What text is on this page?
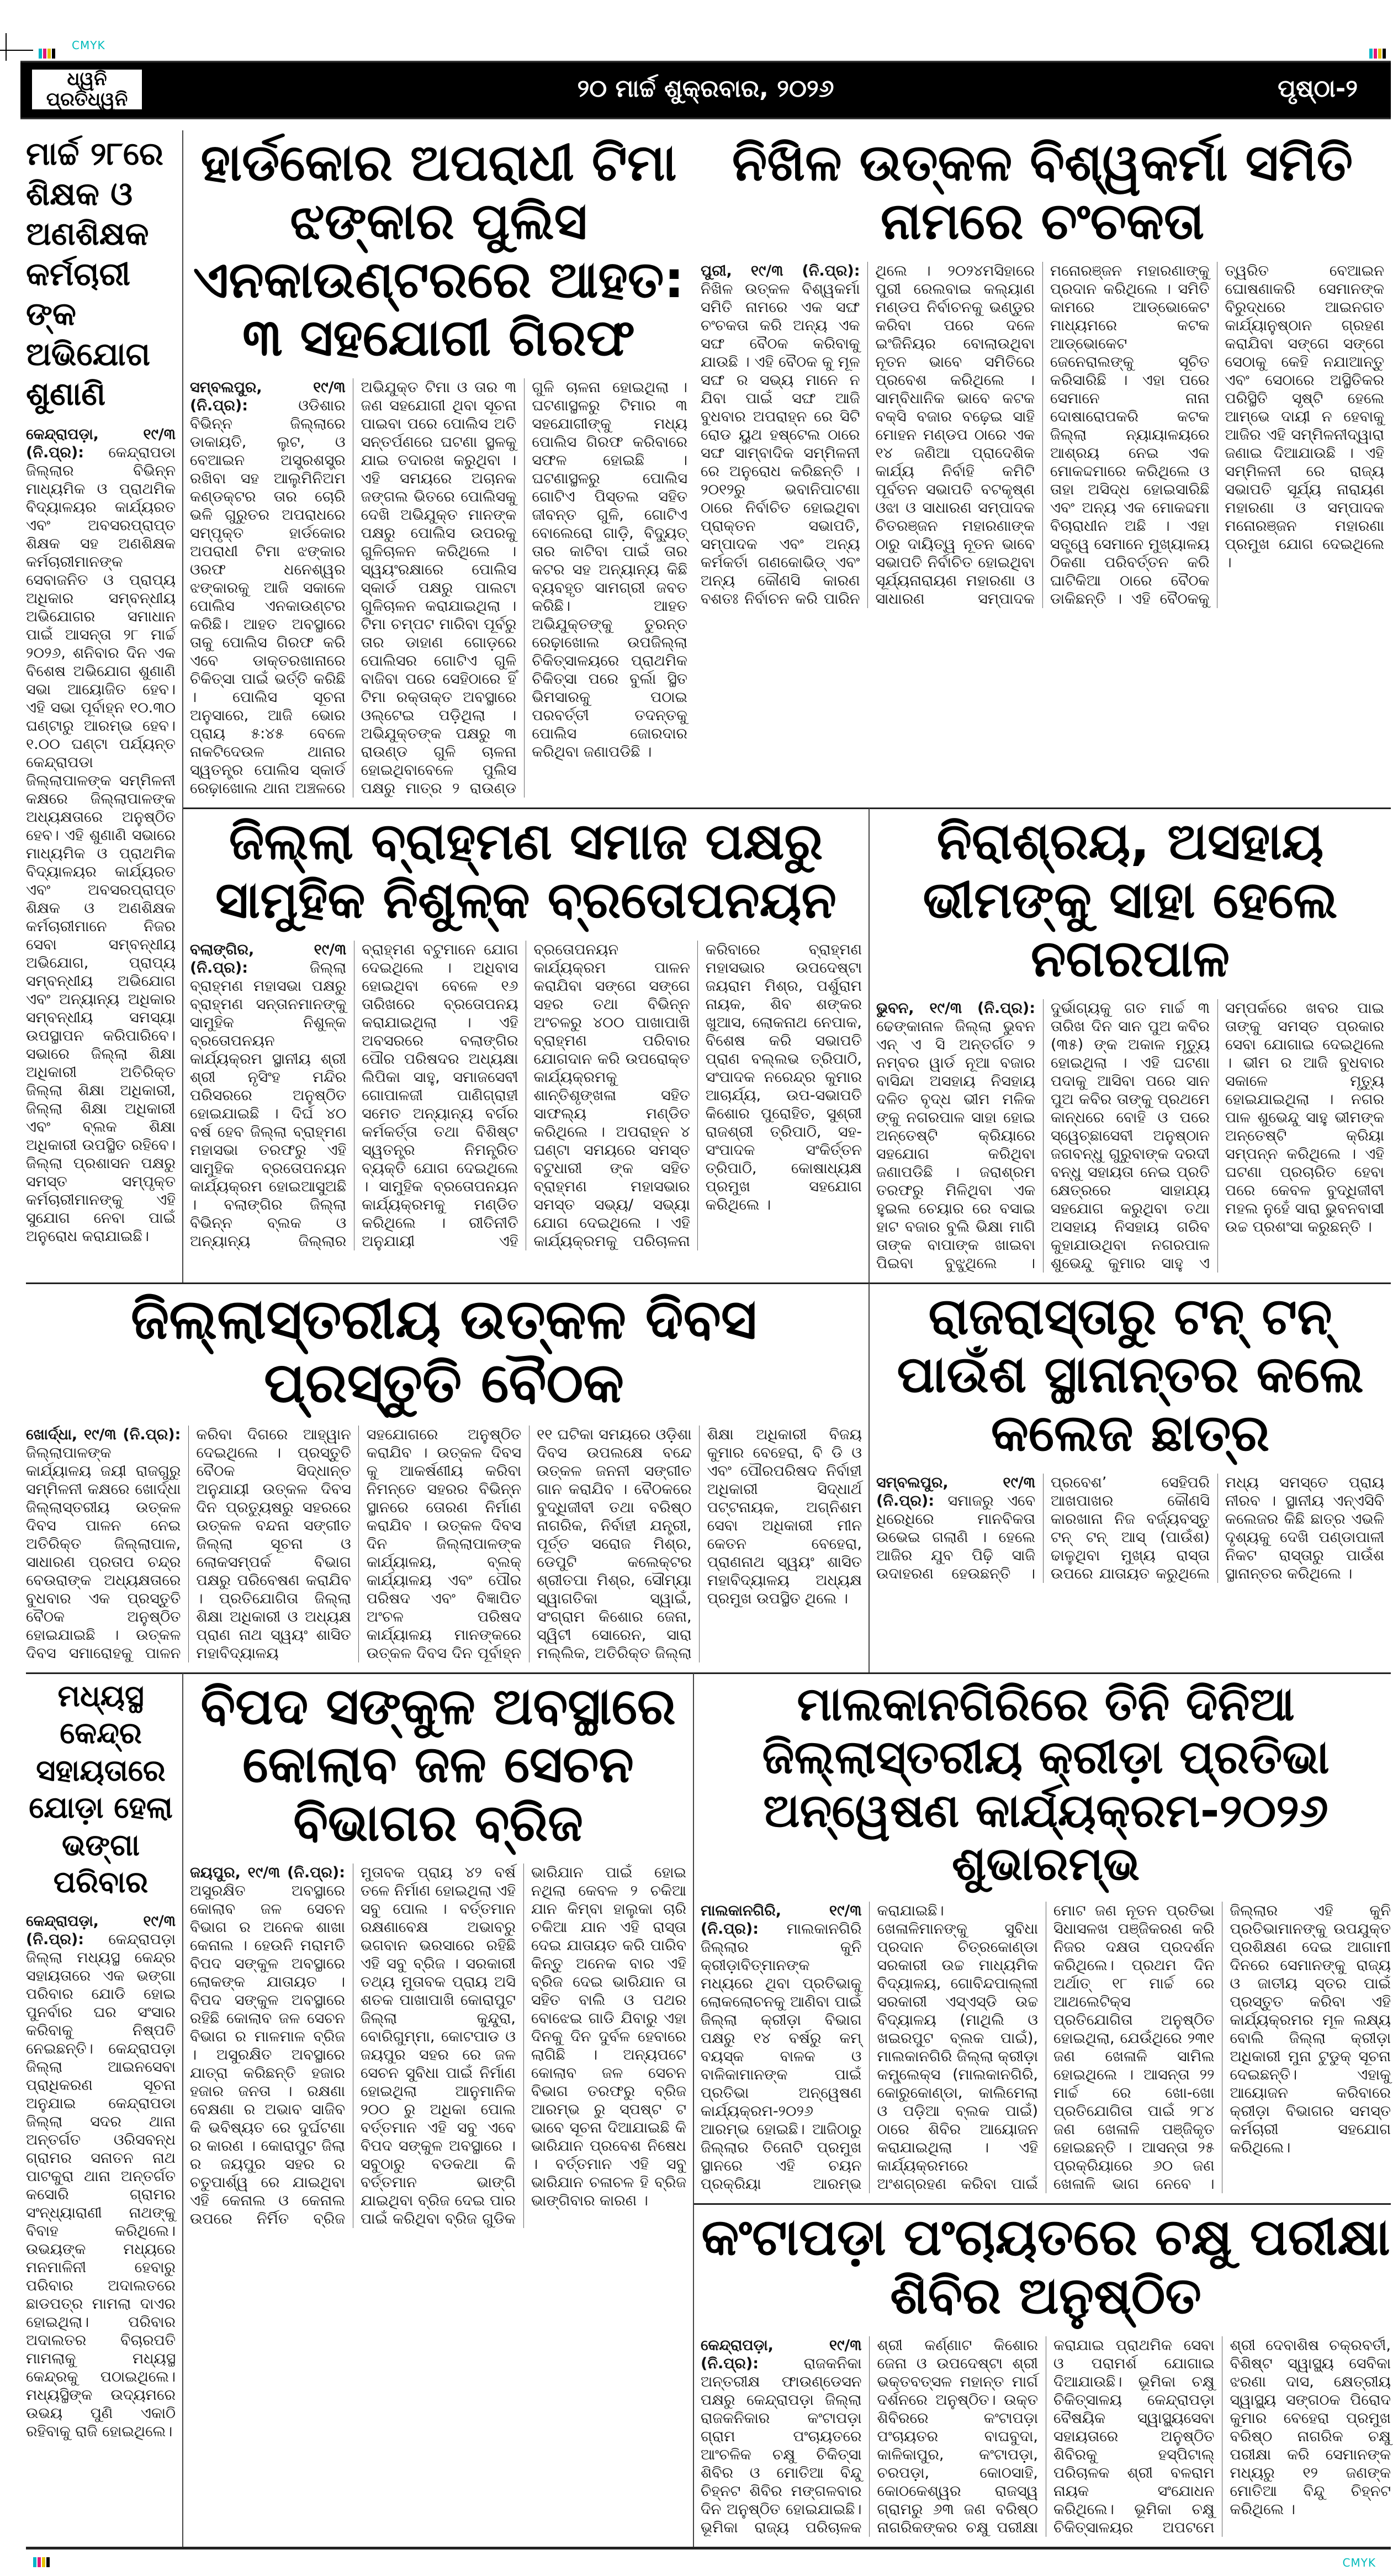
CMYK
ଧ୍ୱନି ପ୍ରତିଧ୍ୱନି	୨୦ ମାର୍ଚ୍ଚ ଶୁକ୍ରବାର, ୨୦୨୬	ପୃଷ୍ଠା-୨
ମାର୍ଚ୍ଚ ୨୮ରେ ଶିକ୍ଷକ ଓ ଅଣଶିକ୍ଷକ କର୍ମଚାରୀଙ୍କ ଅଭିଯୋଗ ଶୁଣାଣି

କେନ୍ଦ୍ରାପଡ଼ା, ୧୯/୩ (ନି.ପ୍ର): କେନ୍ଦ୍ରାପଡା ଜିଲ୍ଲାର ବିଭିନ୍ନ ମାଧ୍ୟମିକ ଓ ପ୍ରାଥମିକ ବିଦ୍ୟାଳୟର କାର୍ଯ୍ୟରତ ଏବଂ ଅବସରପ୍ରାପ୍ତ ଶିକ୍ଷକ ସହ ଅଣଶିକ୍ଷକ କର୍ମଚାରୀମାନଙ୍କ ସେବାଜନିତ ଓ ପ୍ରାପ୍ୟ ଅଧିକାର ସମ୍ବନ୍ଧୀୟ ଅଭିଯୋଗର ସମାଧାନ ପାଇଁ ଆସନ୍ତା ୨୮ ମାର୍ଚ୍ଚ ୨୦୨୬, ଶନିବାର ଦିନ ଏକ ବିଶେଷ ଅଭିଯୋଗ ଶୁଣାଣି ସଭା ଆୟୋଜିତ ହେବ। ଏହି ସଭା ପୂର୍ବାହ୍ନ ୧୦.୩୦ ଘଣ୍ଟାରୁ ଆରମ୍ଭ ହେବ। ୧.୦୦ ଘଣ୍ଟା ପର୍ଯ୍ୟନ୍ତ କେନ୍ଦ୍ରାପଡା ଜିଲ୍ଲାପାଳଙ୍କ ସମ୍ମିଳନୀ କକ୍ଷରେ ଜିଲ୍ଲାପାଳଙ୍କ ଅଧ୍ୟକ୍ଷତାରେ ଅନୁଷ୍ଠିତ ହେବ। ଏହି ଶୁଣାଣି ସଭାରେ ମାଧ୍ୟମିକ ଓ ପ୍ରାଥମିକ ବିଦ୍ୟାଳୟର କାର୍ଯ୍ୟରତ ଏବଂ ଅବସରପ୍ରାପ୍ତ ଶିକ୍ଷକ ଓ ଅଣଶିକ୍ଷକ କର୍ମଚାରୀମାନେ ନିଜର ସେବା ସମ୍ବନ୍ଧୀୟ ଅଭିଯୋଗ, ପ୍ରାପ୍ୟ ସମ୍ବନ୍ଧୀୟ ଅଭିଯୋଗ ଏବଂ ଅନ୍ୟାନ୍ୟ ଅଧିକାର ସମ୍ବନ୍ଧୀୟ ସମସ୍ୟା ଉପସ୍ଥାପନ କରିପାରିବେ। ସଭାରେ ଜିଲ୍ଲା ଶିକ୍ଷା ଅଧିକାରୀ ଅତିରିକ୍ତ ଜିଲ୍ଲା ଶିକ୍ଷା ଅଧିକାରୀ, ଜିଲ୍ଲା ଶିକ୍ଷା ଅଧିକାରୀ ଏବଂ ବ୍ଲକ ଶିକ୍ଷା ଅଧିକାରୀ ଉପସ୍ଥିତ ରହିବେ। ଜିଲ୍ଲା ପ୍ରଶାସନ ପକ୍ଷରୁ ସମସ୍ତ ସମ୍ପୃକ୍ତ କର୍ମଚାରୀମାନଙ୍କୁ ଏହି ସୁଯୋଗ ନେବା ପାଇଁ ଅନୁରୋଧ କରାଯାଇଛି।

ହାର୍ଡକୋର ଅପରାଧୀ ଟିମା ଝଙ୍କାର ପୁଲିସ ଏନକାଉଣ୍ଟରରେ ଆହତ: ୩ ସହଯୋଗୀ ଗିରଫ

ସମ୍ବଲପୁର, ୧୯/୩ (ନି.ପ୍ର):	ଓଡିଶାର ବିଭିନ୍ନ ଜିଲ୍ଲାରେ ଡାକାୟତି, ଲୁଟ, ଓ ବେଆଇନ ଅସ୍ତ୍ରଶସ୍ତ୍ର ରଖିବା ସହ ଆଲୁମିନିଅମ କଣ୍ଡକ୍ଟର ତାର ଚୋରି ଭଳି ଗୁରୁତର ଅପରାଧରେ ସମ୍ପୃକ୍ତ ହାର୍ଡକୋର ଅପରାଧୀ ଟିମା ଝଙ୍କାର ଓରଫ ଧନେଶ୍ୱର ଝଙ୍କାରକୁ ଆଜି ସକାଳେ ପୋଲିସ ଏନକାଉଣ୍ଟର କରିଛି। ଆହତ ଅବସ୍ଥାରେ ତାକୁ ପୋଲିସ ଗିରଫ କରି ଏବେ ଡାକ୍ତରଖାନାରେ ଚିକିତ୍ସା ପାଇଁ ଭର୍ତ୍ତି କରିଛି । ପୋଲିସ ସୂଚନା ଅନୁସାରେ, ଆଜି ଭୋର ପ୍ରାୟ ୫:୪୫ ବେଳେ ନାକଟିଦେଉଳ ଥାନାର ସ୍ୱତନ୍ତ୍ର ପୋଲିସ ସ୍କାର୍ଡ ରେଢ଼ାଖୋଲ ଥାନା ଅଞ୍ଚଳରେ ଅଭିଯୁକ୍ତ ଟିମା ଓ ତାର ୩ ଜଣ ସହଯୋଗୀ ଥିବା ସୂଚନା ପାଇବା ପରେ ପୋଲିସ ଅତି ସନ୍ତର୍ପଣରେ ଘଟଣା ସ୍ଥଳକୁ ଯାଇ ତଦାରଖ କରୁଥିବା । ଏହି ସମୟରେ ଅଚାନକ ଜଙ୍ଗଲ ଭିତରେ ପୋଲିସକୁ ଦେଖି ଅଭିଯୁକ୍ତ ମାନଙ୍କ ପକ୍ଷରୁ ପୋଲିସ ଉପରକୁ ଗୁଳିଚାଳନ କରିଥିଲେ । ସ୍ୱୟଂରକ୍ଷାରେ ପୋଲିସ ସ୍କାର୍ଡ ପକ୍ଷରୁ ପାଲଟା ଗୁଳିଚାଳନ କରାଯାଇଥିଲା । ଟିମା ଚମ୍ପଟ ମାରିବା ପୂର୍ବରୁ ତାର ଡାହାଣ ଗୋଡ଼ରେ ପୋଲିସର ଗୋଟିଏ ଗୁଳି ବାଜିବା ପରେ ସେହିଠାରେ ହିଁ ଟିମା ରକ୍ତାକ୍ତ ଅବସ୍ଥାରେ ଓଲ୍ଟେଇ ପଡ଼ିଥିଲା । ଅଭିଯୁକ୍ତଙ୍କ ପକ୍ଷରୁ ୩ ରାଉଣ୍ଡ ଗୁଳି ଚାଳନା ହୋଇଥିବାବେଳେ ପୁଲିସ ପକ୍ଷରୁ ମାତ୍ର ୨ ରାଉଣ୍ଡ ଗୁଳି ଚାଳନା ହୋଇଥିଲା । ଘଟଣାସ୍ଥଳରୁ ଟିମାର ୩ ସହଯୋଗୀଙ୍କୁ ମଧ୍ୟ ପୋଲିସ ଗିରଫ କରିବାରେ ସଫଳ ହୋଇଛି । ଘଟଣାସ୍ଥଳରୁ ପୋଲିସ ଗୋଟିଏ ପିସ୍ତଲ ସହିତ ଜୀବନ୍ତ ଗୁଳି, ଗୋଟିଏ ବୋଲେରୋ ଗାଡ଼ି, ବିଦ୍ୟୁତ୍ ତାର କାଟିବା ପାଇଁ ତାର କଟର ସହ ଅନ୍ୟାନ୍ୟ କିଛି ବ୍ୟବହୃତ ସାମଗ୍ରୀ ଜବତ କରିଛି। ଆହତ ଅଭିଯୁକ୍ତଙ୍କୁ ତୁରନ୍ତ ରେଢ଼ାଖୋଲ ଉପଜିଲ୍ଲା ଚିକିତ୍ସାଳୟରେ ପ୍ରାଥମିକ ଚିକିତ୍ସା ପରେ ବୁର୍ଲା ସ୍ଥିତ ଭିମସାରକୁ ପଠାଇ ପରବର୍ତ୍ତୀ ତଦନ୍ତକୁ ପୋଲିସ ଜୋରଦାର କରିଥିବା ଜଣାପଡିଛି ।

ନିଖିଳ ଉତ୍କଳ ବିଶ୍ୱକର୍ମା ସମିତି ନାମରେ ଚଂଚକତା

ପୁରୀ, ୧୯/୩ (ନି.ପ୍ର): ନିଖିଳ ଉତ୍କଳ ବିଶ୍ୱକର୍ମା ସମିତି ନାମରେ ଏକ ସଙ୍ଘ ଚଂଚକତା କରି ଅନ୍ୟ ଏକ ସଙ୍ଘ ବୈଠକ କରିବାକୁ ଯାଉଛି । ଏହି ବୈଠକ କୁ ମୂଳ ସଙ୍ଘ ର ସଭ୍ୟ ମାନେ ନ ଯିବା ପାଇଁ ସଙ୍ଘ ଆଜି ବୁଧବାର ଅପରାହ୍ନ ରେ ସିଟି ରୋଡ ୟୁଥ ହଷ୍ଟେଲ ଠାରେ ସଙ୍ଘ ସାମ୍ବାଦିକ ସମ୍ମିଳନୀ ରେ ଅନୁରୋଧ କରିଛନ୍ତି । ୨୦୧୨ରୁ ଭବାନିପାଟଣା ଠାରେ ନିର୍ବାଚିତ ହୋଇଥିବା ପ୍ରାକ୍ତନ ସଭାପତି, ସମ୍ପାଦକ ଏବଂ ଅନ୍ୟ କର୍ମକର୍ତା ଗଣକୋଭିଡ୍ ଏବଂ ଅନ୍ୟ କୌଣସି କାରଣ ବଶତଃ ନିର୍ବାଚନ କରି ପାରିନ ଥିଲେ । ୨୦୨୪ମସିହାରେ ପୁରୀ ରେଲବାଇ କଲ୍ୟାଣ ମଣ୍ଡପ ନିର୍ବାଚନକୁ ଭଣ୍ଡୁର କରିବା ପରେ ଦଳେ ଇଂଜିନିୟର ବୋଲାଉଥିବା ନୂତନ ଭାବେ ସମିତିରେ ପ୍ରବେଶ କରିଥିଲେ । ସାମ୍ବିଧାନିକ ଭାବେ କଟକ ବକ୍ସି ବଜାର ବଢ଼େଇ ସାହି ମୋହନ ମଣ୍ଡପ ଠାରେ ଏକ ୧୪ ଜଣିଆ ପ୍ରାଦେଶିକ କାର୍ଯ୍ୟ ନିର୍ବାହି କମିଟି ପୂର୍ବତନ ସଭାପତି ବଟକୃଷ୍ଣ ଓଝା ଓ ସାଧାରଣ ସମ୍ପାଦକ ଚିତରଞ୍ଜନ ମହାରଣାଙ୍କ ଠାରୁ ଦାୟିତ୍ୱ ନୂତନ ଭାବେ ସଭାପତି ନିର୍ବାଚିତ ହୋଇଥିବା ସୂର୍ଯ୍ୟନାରାୟଣ ମହାରଣା ଓ ସାଧାରଣ ସମ୍ପାଦକ ମନୋରଞ୍ଜନ ମହାରଣାଙ୍କୁ ପ୍ରଦାନ କରିଥିଲେ । ସମିତି କାମରେ ଆଡ୍ଭୋକେଟ ମାଧ୍ୟମରେ କଟକ ଆଡ୍ଭୋକେଟ ଜେନେରାଲଙ୍କୁ ସୂଚିତ କରିସାରିଛି । ଏହା ପରେ ସେମାନେ ନାନା ଦୋଷାରୋପକରି କଟକ ଜିଲ୍ଲା ନ୍ୟାୟାଳୟରେ ଆଶ୍ରୟ ନେଇ ଏକ ମୋକଦ୍ଦମାରେ କରିଥିଲେ ଓ ତାହା ଅସିଦ୍ଧ ହୋଇସାରିଛି ଏବଂ ଅନ୍ୟ ଏକ ମୋକଦ୍ଦମା ବିଚାରାଧୀନ ଅଛି । ଏହା ସତ୍ତ୍ୱେ ସେମାନେ ମୁଖ୍ୟାଳୟ ଠିକଣା ପରିବର୍ତ୍ତନ କରି ଘାଟିକିଆ ଠାରେ ବୈଠକ ଡାକିଛନ୍ତି । ଏହି ବୈଠକକୁ ତ୍ୱରିତ ବେଆଇନ ଘୋଷଣାକରି ସେମାନଙ୍କ ବିରୁଦ୍ଧରେ ଆଇନଗତ କାର୍ଯ୍ୟାନୁଷ୍ଠାନ ଗ୍ରହଣ କରାଯିବା ସଙ୍ଗେ ସଙ୍ଗେ ସେଠାକୁ କେହି ନଯାଆନ୍ତୁ ଏବଂ ସେଠାରେ ଅସ୍ଥିତିକର ପରିସ୍ଥିତି ସୃଷ୍ଟି ହେଲେ ଆମ୍ଭେ ଦାୟୀ ନ ହେବାକୁ ଆଜିର ଏହି ସମ୍ମିଳନୀଦ୍ୱାରା ଜଣାଇ ଦିଆଯାଉଛି । ଏହି ସମ୍ମିଳନୀ ରେ ରାଜ୍ୟ ସଭାପତି ସୂର୍ଯ୍ୟ ନାରାୟଣ ମହାରଣା ଓ ସମ୍ପାଦକ ମନୋରଞ୍ଜନ ମହାରଣା ପ୍ରମୁଖ ଯୋଗ ଦେଇଥିଲେ ।

ଜିଲ୍ଲା ବ୍ରାହ୍ମଣ ସମାଜ ପକ୍ଷରୁ ସାମୁହିକ ନିଶୁଳ୍କ ବ୍ରତୋପନୟନ

ବଲାଙ୍ଗିର, ୧୯/୩ (ନି.ପ୍ର):	ଜିଲ୍ଲା ବ୍ରାହ୍ମଣ ମହାସଭା ପକ୍ଷରୁ ବ୍ରାହ୍ମଣ ସନ୍ତାନମାନଙ୍କୁ ସାମୁହିକ ନିଶୁଳ୍କ ବ୍ରତୋପନୟନ କାର୍ଯ୍ୟକ୍ରମ ସ୍ଥାନୀୟ ଶ୍ରୀ ଶ୍ରୀ ନୃସିଂହ ମନ୍ଦିର ପରିସରରେ ଅନୁଷ୍ଠିତ ହୋଇଯାଇଛି । ଦିର୍ଘ ୪୦ ବର୍ଷ ହେବ ଜିଲ୍ଲା ବ୍ରାହ୍ମଣ ମହାସଭା ତରଫରୁ ଏହି ସାମୁହିକ ବ୍ରତୋପନୟନ କାର୍ଯ୍ୟକ୍ରମ ହୋଇଆସୁଅଛି । ବଲାଙ୍ଗିର ଜିଲ୍ଲା ବିଭିନ୍ନ ବ୍ଲକ ଓ ଅନ୍ୟାନ୍ୟ ଜିଲ୍ଲାର ବ୍ରାହ୍ମଣ ବଟୁମାନେ ଯୋଗ ଦେଇଥିଲେ । ଅଧିବାସ ହୋଇଥିବା ବେଳେ ୧୬ ତାରିଖରେ ବ୍ରତୋପନୟ କରାଯାଇଥିଲା । ଏହି ଅବସରରେ ବଲାଙ୍ଗିର ପୌର ପରିଷଦର ଅଧ୍ୟକ୍ଷା ଲିପିକା ସାହୁ, ସମାଜସେବୀ ଗୋପାଳଜୀ ପାଣିଗ୍ରାହୀ ସମେତ ଅନ୍ୟାନ୍ୟ ବର୍ଗର କର୍ମକର୍ତ୍ତା ତଥା ବିଶିଷ୍ଟ ସ୍ୱତନ୍ତ୍ର ନିମନ୍ତ୍ରିତ ବ୍ୟକ୍ତି ଯୋଗ ଦେଇଥିଲେ । ସାମୁହିକ ବ୍ରତୋପନୟନ କାର୍ଯ୍ୟକ୍ରମକୁ ମଣ୍ଡିତ କରିଥିଲେ । ରୀତିନୀତି ଅନୁଯାୟୀ ଏହି ବ୍ରତୋପନୟନ କାର୍ଯ୍ୟକ୍ରମ ପାଳନ କରାଯିବା ସଙ୍ଗେ ସଙ୍ଗେ ସହର ତଥା ବିଭିନ୍ନ ଅଂଚଳରୁ ୪୦୦ ପାଖାପାଖି ବ୍ରାହ୍ମଣ ପରିବାର ଯୋଗଦାନ କରି ଉପରୋକ୍ତ କାର୍ଯ୍ୟକ୍ରମକୁ ଶାନ୍ତିଶୃଙ୍ଖଳା ସହିତ ସାଫଲ୍ୟ ମଣ୍ଡିତ କରିଥିଲେ । ଅପରାହ୍ନ ୪ ଘଣ୍ଟା ସମୟରେ ସମସ୍ତ ବଟୁଧାରୀ ଙ୍କ ସହିତ ବ୍ରାହ୍ମଣ ମହାସଭାର ସମସ୍ତ ସଭ୍ୟ/ ସଭ୍ୟା ଯୋଗ ଦେଇଥିଲେ । ଏହି କାର୍ଯ୍ୟକ୍ରମକୁ ପରିଚାଳନା କରିବାରେ ବ୍ରାହ୍ମଣ ମହାସଭାର ଉପଦେଷ୍ଟା ଜୟରାମ ମିଶ୍ର, ପର୍ଶୁରାମ ନାୟକ, ଶିବ ଶଙ୍କର ଖୁଆସ, ଲୋକନାଥ ନେପାକ, ବିଶେଷ କରି ସଭାପତି ପ୍ରାଣ ବଲ୍ଲଭ ତ୍ରିପାଠି, ସଂପାଦକ ନରେନ୍ଦ୍ର କୁମାର ଆଚାର୍ଯ୍ୟ, ଉପ-ସଭାପତି କିଶୋର ପୁରୋହିତ, ସୁଶ୍ରୀ ରାଜଶ୍ରୀ ତ୍ରିପାଠି, ସହ-ସଂପାଦକ ସଂକିର୍ତ୍ତନ ତ୍ରିପାଠି, କୋଷାଧ୍ୟକ୍ଷ ପ୍ରମୁଖ ସହଯୋଗ କରିଥିଲେ ।

ନିରାଶ୍ରୟ, ଅସହାୟ ଭୀମଙ୍କୁ ସାହା ହେଲେ ନଗରପାଳ

ଭୁବନ, ୧୯/୩ (ନି.ପ୍ର): ଢେଙ୍କାନାଳ ଜିଲ୍ଲା ଭୁବନ ଏନ୍ ଏ ସି ଅନ୍ତର୍ଗତ ୨ ନମ୍ବର ୱାର୍ଡ ନୂଆ ବଜାର ବାସିନ୍ଦା ଅସହାୟ ନିସହାୟ ଦଳିତ ବୃଦ୍ଧ ଭୀମ ମଳିକ ଙ୍କୁ ନଗରପାଳ ସାହା ହୋଇ ଅନ୍ତେଷ୍ଟି କ୍ରିୟାରେ ସହଯୋଗ କରିଥିବା ଜଣାପଡିଛି । ଜରାଶ୍ରମ ତରଫରୁ ମିଳିଥିବା ଏକ ହୁଇଲ ଚେୟାର ରେ ବସାଇ ହାଟ ବଜାର ବୁଲି ଭିକ୍ଷା ମାଗି ତାଙ୍କ ବାପାଙ୍କ ଖାଇବା ପିଇବା ବୁଝୁଥିଲେ । ଦୁର୍ଭାଗ୍ୟକୁ ଗତ ମାର୍ଚ୍ଚ ୩ ତାରିଖ ଦିନ ସାନ ପୁଅ କବିର (୩୫) ଙ୍କ ଅକାଳ ମୃତ୍ୟୁ ହୋଇଥିଲା । ଏହି ଘଟଣା ପଦାକୁ ଆସିବା ପରେ ସାନ ପୁଅ କବିର ତାଙ୍କୁ ପ୍ରଥମେ କାନ୍ଧରେ ବୋହି ଓ ପରେ ସ୍ୱେଚ୍ଛାସେବୀ ଅନୁଷ୍ଠାନ ଜଗବନ୍ଧୁ ଗୁରୁବାଙ୍କ ଦରଦୀ ବନ୍ଧୁ ସହାୟତା ନେଇ ପ୍ରତି କ୍ଷେତ୍ରରେ ସାହାଯ୍ୟ ସହଯୋଗ କରୁଥିବା ତଥା ଅସହାୟ ନିସହାୟ ଗରିବ କୁହାଯାଉଥିବା ନଗରପାଳ ଶୁଭେନ୍ଦୁ କୁମାର ସାହୁ ଏ ସମ୍ପର୍କରେ ଖବର ପାଇ ତାଙ୍କୁ ସମସ୍ତ ପ୍ରକାର ସେବା ଯୋଗାଇ ଦେଇଥିଲେ । ଭୀମ ର ଆଜି ବୁଧବାର ସକାଳେ ମୃତ୍ୟୁ ହୋଇଯାଇଥିଲା । ନଗର ପାଳ ଶୁଭେନ୍ଦୁ ସାହୁ ଭୀମଙ୍କ ଅନ୍ତେଷ୍ଟି କ୍ରିୟା ସମ୍ପନ୍ନ କରିଥିଲେ । ଏହି ଘଟଣା ପ୍ରଚାରିତ ହେବା ପରେ କେବଳ ବୁଦ୍ଧିଜୀବୀ ମହଲ ନୁହେଁ ସାରା ଭୁବନବାସୀ ଉଚ୍ଚ ପ୍ରଶଂସା କରୁଛନ୍ତି ।

ଜିଲ୍ଲାସ୍ତରୀୟ ଉତ୍କଳ ଦିବସ ପ୍ରସ୍ତୁତି ବୈଠକ

ଖୋର୍ଦ୍ଧା, ୧୯/୩ (ନି.ପ୍ର): ଜିଲ୍ଲାପାଳଙ୍କ କାର୍ଯ୍ୟାଳୟ ଜୟୀ ରାଜଗୁରୁ ସମ୍ମିଳନୀ କକ୍ଷରେ ଖୋର୍ଦ୍ଧା ଜିଲ୍ଲାସ୍ତରୀୟ ଉତ୍କଳ ଦିବସ ପାଳନ ନେଇ ଅତିରିକ୍ତ ଜିଲ୍ଲାପାଳ, ସାଧାରଣ ପ୍ରତାପ ଚନ୍ଦ୍ର ବେଉରାଙ୍କ ଅଧ୍ୟକ୍ଷତାରେ ବୁଧବାର ଏକ ପ୍ରସ୍ତୁତି ବୈଠକ ଅନୁଷ୍ଠିତ ହୋଇଯାଇଛି । ଉତ୍କଳ ଦିବସ ସମାରୋହକୁ ପାଳନ କରିବା ଦିଗରେ ଆହ୍ୱାନ ଦେଇଥିଲେ । ପ୍ରସ୍ତୁତି ବୈଠକ ସିଦ୍ଧାନ୍ତ ଅନୁଯାୟୀ ଉତ୍କଳ ଦିବସ ଦିନ ପ୍ରତ୍ୟୁଷରୁ ସହରରେ ଉତ୍କଳ ବନ୍ଦନା ସଙ୍ଗୀତ ଜିଲ୍ଲା ସୂଚନା ଓ ଲୋକସମ୍ପର୍କ ବିଭାଗ ପକ୍ଷରୁ ପରିବେଷଣ କରାଯିବ । ପ୍ରତିଯୋଗିତା ଜିଲ୍ଲା ଶିକ୍ଷା ଅଧିକାରୀ ଓ ଅଧ୍ୟକ୍ଷ ପ୍ରାଣ ନାଥ ସ୍ୱୟଂ ଶାସିତ ମହାବିଦ୍ୟାଳୟ ସହଯୋଗରେ ଅନୁଷ୍ଠିତ କରାଯିବ । ଉତ୍କଳ ଦିବସ କୁ ଆକର୍ଷଣୀୟ କରିବା ନିମନ୍ତେ ସହରର ବିଭିନ୍ନ ସ୍ଥାନରେ ତୋରଣ ନିର୍ମାଣ କରାଯିବ । ଉତ୍କଳ ଦିବସ ଦିନ ଜିଲ୍ଲାପାଳଙ୍କ କାର୍ଯ୍ୟାଳୟ, ବ୍ଲକ୍ କାର୍ଯ୍ୟାଳୟ ଏବଂ ପୌର ପରିଷଦ ଏବଂ ବିଜ୍ଞାପିତ ଅଂଚଳ ପରିଷଦ କାର୍ଯ୍ୟାଳୟ ମାନଙ୍କରେ ଉତ୍କଳ ଦିବସ ଦିନ ପୂର୍ବାହ୍ନ ୧୧ ଘଟିକା ସମୟରେ ଓଡ଼ିଶା ଦିବସ ଉପଲକ୍ଷେ ବନ୍ଦେ ଉତ୍କଳ ଜନନୀ ସଙ୍ଗୀତ ଗାନ କରାଯିବ । ବୈଠକରେ ବୁଦ୍ଧିଜୀବୀ ତଥା ବରିଷ୍ଠ ନାଗରିକ, ନିର୍ବାହୀ ଯନ୍ତ୍ରୀ, ପୂର୍ତ୍ତ ସରୋଜ ମିଶ୍ର, ଡେପୁଟି କଲେକ୍ଟର ଶ୍ରୀତପା ମିଶ୍ର, ସୌମ୍ୟା ସ୍ୱାଗତିକା ସ୍ୱାଇଁ, ସଂଗ୍ରାମ କିଶୋର ଜେନା, ସ୍ୱିଟୀ ସୋରେନ, ସାରା ମଲ୍ଲିକ, ଅତିରିକ୍ତ ଜିଲ୍ଲା ଶିକ୍ଷା ଅଧିକାରୀ ବିଜୟ କୁମାର ବେହେରା, ବି ଡି ଓ ଏବଂ ପୌରପରିଷଦ ନିର୍ବାହୀ ଅଧିକାରୀ ସିଦ୍ଧାର୍ଥ ପଟ୍ଟନାୟକ, ଅଗ୍ନିଶମ ସେବା ଅଧିକାରୀ ମୀନ କେତନ ବେହେରା, ପ୍ରାଣନାଥ ସ୍ୱୟଂ ଶାସିତ ମହାବିଦ୍ୟାଳୟ ଅଧ୍ୟକ୍ଷ ପ୍ରମୁଖ ଉପସ୍ଥିତ ଥିଲେ ।

ରାଜରାସ୍ତାରୁ ଟନ୍ ଟନ୍ ପାଉଁଶ ସ୍ଥାନାନ୍ତର କଲେ କଲେଜ ଛାତ୍ର

ସମ୍ବଲପୁର, ୧୯/୩ (ନି.ପ୍ର): ସମାଜରୁ ଏବେ ଧିରେଧିରେ ମାନବିକତା ଉଭେଇ ଗଲାଣି । ହେଲେ ଆଜିର ଯୁବ ପିଢ଼ି ସାଜି ଉଦାହରଣ ହେଉଛନ୍ତି । ପ୍ରବେଶ’ ସେହିପରି ଆଖପାଖର କୌଣସି କାରଖାନା ନିଜ ବର୍ଜ୍ୟବସ୍ତୁ ଟନ୍ ଟନ୍ ଆସ୍ (ପାଉଁଶ) ଢାଳୁଥିବା ମୁଖ୍ୟ ରାସ୍ତା ଉପରେ ଯାତାୟତ କରୁଥିଲେ ମଧ୍ୟ ସମସ୍ତେ ପ୍ରାୟ ନୀରବ । ସ୍ଥାନୀୟ ଏନ୍ଏସିବି କଲେଜର କିଛି ଛାତ୍ର ଏଭଳି ଦୃଶ୍ୟକୁ ଦେଖି ପଣ୍ଡାପାଳୀ ନିକଟ ରାସ୍ତାରୁ ପାଉଁଶ ସ୍ଥାନାନ୍ତର କରିଥିଲେ ।

ମଧ୍ୟସ୍ଥ କେନ୍ଦ୍ର ସହାୟତାରେ ଯୋଡ଼ା ହେଲା ଭଙ୍ଗା ପରିବାର

କେନ୍ଦ୍ରାପଡ଼ା, ୧୯/୩ (ନି.ପ୍ର): କେନ୍ଦ୍ରାପଡ଼ା ଜିଲ୍ଲା ମଧ୍ୟସ୍ଥ କେନ୍ଦ୍ର ସହାୟତାରେ ଏକ ଭଙ୍ଗା ପରିବାର ଯୋଡି ହୋଇ ପୁନର୍ବାର ଘର ସଂସାର କରିବାକୁ ନିଷ୍ପତି ନେଇଛନ୍ତି। କେନ୍ଦ୍ରାପଡ଼ା ଜିଲ୍ଲା ଆଇନସେବା ପ୍ରାଧିକରଣ ସୂଚନା ଅନୁଯାଇ କେନ୍ଦ୍ରାପଡା ଜିଲ୍ଲା ସଦର ଥାନା ଅନ୍ତର୍ଗତ ଓରିସବନ୍ଧ ଗ୍ରାମର ସନାତନ ନାଥ ପାଟକୁରା ଥାନା ଅନ୍ତର୍ଗତ କସୋରି ଗ୍ରାମର ସଂନ୍ଧ୍ୟାରାଣୀ ନାଥଙ୍କୁ ବିବାହ କରିଥିଲେ। ଉଭୟଙ୍କ ମଧ୍ୟରେ ମନମାଳିନୀ ହେବାରୁ ପରିବାର ଅଦାଲତରେ ଛାଡପତ୍ର ମାମଲା ଦାଏର ହୋଇଥିଲା। ପରିବାର ଅଦାଲତର ବିଚାରପତି ମାମଲାକୁ ମଧ୍ୟସ୍ଥ କେନ୍ଦ୍ରକୁ ପଠାଇଥିଲେ। ମଧ୍ୟସ୍ଥିଙ୍କ ଉଦ୍ୟମରେ ଉଭୟ ପୁଣି ଏକାଠି ରହିବାକୁ ରାଜି ହୋଇଥିଲେ।

ବିପଦ ସଙ୍କୁଳ ଅବସ୍ଥାରେ କୋଲାବ ଜଳ ସେଚନ ବିଭାଗର ବ୍ରିଜ

ଜୟପୁର, ୧୯/୩ (ନି.ପ୍ର): ଅସୁରକ୍ଷିତ ଅବସ୍ଥାରେ କୋଲାବ ଜଳ ସେଚନ ବିଭାଗ ର ଅନେକ ଶାଖା କେନାଲ । ହେଉନି ମରାମତି ବିପଦ ସଙ୍କୁଳ ଅବସ୍ଥାରେ ଲୋକଙ୍କ ଯାତାୟତ । ବିପଦ ସଙ୍କୁଳ ଅବସ୍ଥାରେ ରହିଛି କୋଲାବ ଜଳ ସେଚନ ବିଭାଗ ର ମାଳମାଳ ବ୍ରିଜ । ଅସୁରକ୍ଷିତ ଅବସ୍ଥାରେ ଯାତ୍ରା କରିଛନ୍ତି ହଜାର ହଜାର ଜନତା । ରକ୍ଷଣା ବେକ୍ଷଣା ର ଅଭାବ ସାଜିବ କି ଭବିଷ୍ୟତ ରେ ଦୁର୍ଘଟଣା ର କାରଣ । କୋରାପୁଟ ଜିଲା ର ଜୟପୁର ସହର ର ଚତୁପାର୍ଶ୍ୱ ରେ ଯାଇଥିବା ଏହି କେନାଲ ଓ କେନାଲ ଉପରେ ନିର୍ମିତ ବ୍ରିଜ ମୁତାବକ ପ୍ରାୟ ୪୨ ବର୍ଷ ତଳେ ନିର୍ମାଣ ହୋଇଥିଲା ଏହି ସବୁ ପୋଲ । ବର୍ତ୍ତମାନ ରକ୍ଷଣାବେକ୍ଷ ଅଭାବରୁ ଭଗବାନ ଭରସାରେ ରହିଛି ଏହି ସବୁ ବ୍ରିଜ । ସରକାରୀ ତଥ୍ୟ ମୁତାବକ ପ୍ରାୟ ଅସି ଶତକ ପାଖାପାଖି କୋରାପୁଟ ଜିଲ୍ଲା କୁନ୍ଦୁରା, ବୋରିଗୁମ୍ମା, କୋଟପାଡ ଓ ଜୟପୁର ସହର ରେ ଜଳ ସେଚନ ସୁବିଧା ପାଇଁ ନିର୍ମାଣ ହୋଇଥିଲା ଆନୁମାନିକ ୨୦୦ ରୁ ଅଧିକା ପୋଲ ବର୍ତ୍ତମାନ ଏହି ସବୁ ଏବେ ବିପଦ ସଙ୍କୁଳ ଅବସ୍ଥାରେ । ସବୁଠାରୁ ବଡକଥା କି ବର୍ତ୍ତମାନ ଭାଙ୍ଗି ଯାଇଥିବା ବ୍ରିଜ ଦେଇ ପାର ପାଇଁ କରିଥିବା ବ୍ରିଜ ଗୁଡିକ ଭାରିଯାନ ପାଇଁ ହୋଇ ନଥିଲା କେବଳ ୨ ଚକିଆ ଯାନ କିମ୍ବା ହାଲୁକା ଚାରି ଚକିଆ ଯାନ ଏହି ରାସ୍ତା ଦେଇ ଯାତାୟତ କରି ପାରିବ କିନ୍ତୁ ଅନେକ ବାର ଏହି ବ୍ରିଜ ଦେଇ ଭାରିଯାନ ତା ସହିତ ବାଲି ଓ ପଥର ବୋଝେଇ ଗାଡି ଯିବାରୁ ଏହା ଦିନକୁ ଦିନ ଦୁର୍ବଳ ହେବାରେ ଲାଗିଛି । ଅନ୍ୟପଟେ କୋଲାବ ଜଳ ସେଚନ ବିଭାଗ ତରଫରୁ ବ୍ରିଜ ଆରମ୍ଭ ରୁ ସ୍ପଷ୍ଟ ଟ ଭାବେ ସୂଚନା ଦିଆଯାଇଛି କି ଭାରିଯାନ ପ୍ରବେଶ ନିଷେଧ । ବର୍ତ୍ତମାନ ଏହି ସବୁ ଭାରିଯାନ ଚଳାଚଳ ହି ବ୍ରିଜ ଭାଙ୍ଗିବାର କାରଣ ।

ମାଲକାନଗିରିରେ ତିନି ଦିନିଆ ଜିଲ୍ଲାସ୍ତରୀୟ କ୍ରୀଡ଼ା ପ୍ରତିଭା ଅନ୍ୱେଷଣ କାର୍ଯ୍ୟକ୍ରମ-୨୦୨୬ ଶୁଭାରମ୍ଭ

ମାଲକାନଗିରି, ୧୯/୩ (ନି.ପ୍ର): ମାଲକାନଗିରି ଜିଲ୍ଲାର କୁନି କ୍ରୀଡ଼ାବିତ୍ମାନଙ୍କ ମଧ୍ୟରେ ଥିବା ପ୍ରତିଭାକୁ ଲୋକଲୋଚନକୁ ଆଣିବା ପାଇଁ ଜିଲ୍ଲା କ୍ରୀଡ଼ା ବିଭାଗ ପକ୍ଷରୁ ୧୪ ବର୍ଷରୁ କମ୍ ବୟସ୍କ ବାଳକ ଓ ବାଳିକାମାନଙ୍କ ପାଇଁ ପ୍ରତିଭା ଅନ୍ୱେଷଣ କାର୍ଯ୍ୟକ୍ରମ-୨୦୨୬ ଆରମ୍ଭ ହୋଇଛି। ଆଜିଠାରୁ ଜିଲ୍ଲାର ତିନୋଟି ପ୍ରମୁଖ ସ୍ଥାନରେ ଏହି ଚୟନ ପ୍ରକ୍ରିୟା ଆରମ୍ଭ କରାଯାଇଛି। ଖେଳାଳିମାନଙ୍କୁ ସୁବିଧା ପ୍ରଦାନ ଚିତ୍ରକୋଣ୍ଡା ସରକାରୀ ଉଚ୍ଚ ମାଧ୍ୟମିକ ବିଦ୍ୟାଳୟ, ଗୋବିନ୍ଦପାଲ୍ଲୀ ସରକାରୀ ଏସ୍ଏସ୍‌ଡି ଉଚ୍ଚ ବିଦ୍ୟାଳୟ (ମାଥିଲି ଓ ଖଇରପୁଟ ବ୍ଲକ ପାଇଁ), ମାଲକାନଗିରି ଜିଲ୍ଲା କ୍ରୀଡ଼ା କମ୍ପ୍ଲେକ୍ସ (ମାଲକାନଗିରି, କୋରୁକୋଣ୍ଡା, କାଲିମେଲା ଓ ପଡ଼ିଆ ବ୍ଲକ ପାଇଁ) ଠାରେ ଶିବିର ଆୟୋଜନ କରାଯାଇଥିଲା । ଏହି କାର୍ଯ୍ୟକ୍ରମରେ ଅଂଶଗ୍ରହଣ କରିବା ପାଇଁ ମୋଟ ଜଣ ନୂତନ ପ୍ରତିଭା ସିଧାସଳଖ ପଞ୍ଜିକରଣ କରି ନିଜର ଦକ୍ଷତା ପ୍ରଦର୍ଶନ କରିଥିଲେ। ପ୍ରଥମ ଦିନ ଅର୍ଥାତ୍ ୧୮ ମାର୍ଚ୍ଚ ରେ ଆଥଲେଟିକ୍ସ ପ୍ରତିଯୋଗିତା ଅନୁଷ୍ଠିତ ହୋଇଥିଲା, ଯେଉଁଥିରେ ୨୩୧ ଜଣ ଖେଳାଳି ସାମିଲ ହୋଇଥିଲେ । ଆସନ୍ତା ୨୨ ମାର୍ଚ୍ଚ ରେ ଖୋ-ଖୋ ପ୍ରତିଯୋଗିତା ପାଇଁ ୨୮୪ ଜଣ ଖେଳାଳି ପଞ୍ଜିକୃତ ହୋଇଛନ୍ତି । ଆସନ୍ତା ୨୫ ପ୍ରକ୍ରିୟାରେ ୬୦ ଜଣ ଖେଳାଳି ଭାଗ ନେବେ । ଜିଲ୍ଲାର ଏହି କୁନି ପ୍ରତିଭାମାନଙ୍କୁ ଉପଯୁକ୍ତ ପ୍ରଶିକ୍ଷଣ ଦେଇ ଆଗାମୀ ଦିନରେ ସେମାନଙ୍କୁ ରାଜ୍ୟ ଓ ଜାତୀୟ ସ୍ତର ପାଇଁ ପ୍ରସ୍ତୁତ କରିବା ଏହି କାର୍ଯ୍ୟକ୍ରମର ମୂଳ ଲକ୍ଷ୍ୟ ବୋଲି ଜିଲ୍ଲା କ୍ରୀଡ଼ା ଅଧିକାରୀ ମୁନା ଟୁଡୁକ୍ ସୂଚନା ଦେଇଛନ୍ତି। ଏହାକୁ ଆୟୋଜନ କରିବାରେ କ୍ରୀଡ଼ା ବିଭାଗର ସମସ୍ତ କର୍ମଚାରୀ ସହଯୋଗ କରିଥିଲେ।

କଂଟାପଡ଼ା ପଂଚାୟତରେ ଚକ୍ଷୁ ପରୀକ୍ଷା ଶିବିର ଅନୁଷ୍ଠିତ

କେନ୍ଦ୍ରାପଡ଼ା, ୧୯/୩ (ନି.ପ୍ର):	ରାଜକନିକା ଅନ୍ତରୀକ୍ଷ ଫାଉଣ୍ଡେସନ ପକ୍ଷରୁ କେନ୍ଦ୍ରାପଡ଼ା ଜିଲ୍ଲା ରାଜକନିକାର କଂଟାପଡ଼ା ଗ୍ରାମ ପଂଚାୟତରେ ଆଂଚଳିକ ଚକ୍ଷୁ ଚିକିତ୍ସା ଶିବିର ଓ ମୋତିଆ ବିନ୍ଦୁ ଚିହ୍ନଟ ଶିବିର ମଙ୍ଗଳବାର ଦିନ ଅନୁଷ୍ଠିତ ହୋଇଯାଇଛି। ଭୂମିକା ରାଜ୍ୟ ପରିଚାଳକ ଶ୍ରୀ କର୍ଣ୍ଣାଟ କିଶୋର ଜେନା ଓ ଉପଦେଷ୍ଟା ଶ୍ରୀ ଭକ୍ତବତ୍ସଳ ମହାନ୍ତ ମାର୍ଗ ଦର୍ଶନରେ ଅନୁଷ୍ଠିତ। ଉକ୍ତ ଶିବିରରେ କଂଟାପଡ଼ା ପଂଚାୟତର ବାଘବୁଦା, କାଳିକାପୁର, କଂଟାପଡ଼ା, ଚରପଡ଼ା, କୋଠସାହି, କୋଠକେଶ୍ୱର ରାଜସ୍ୱ ଗ୍ରାମରୁ ୬୩ ଜଣ ବରିଷ୍ଠ ନାଗରିକଙ୍କର ଚକ୍ଷୁ ପରୀକ୍ଷା କରାଯାଇ ପ୍ରାଥମିକ ସେବା ଓ ପରାମର୍ଶ ଯୋଗାଇ ଦିଆଯାଉଛି। ଭୂମିକା ଚକ୍ଷୁ ଚିକିତ୍ସାଳୟ କେନ୍ଦ୍ରାପଡ଼ା ବୈଷୟିକ ସ୍ୱାସ୍ଥ୍ୟସେବା ସହାୟତାରେ ଅନୁଷ୍ଠିତ ଶିବିରକୁ ହସ୍ପିଟାଲ୍ ପରିଚାଳକ ଶ୍ରୀ ବଳରାମ ନାୟକ ସଂଯୋଧନ କରିଥିଲେ। ଭୂମିକା ଚକ୍ଷୁ ଚିକିତ୍ସାଳୟର ଅପଟମେ ଶ୍ରୀ ଦେବାଶିଷ ଚକ୍ରବର୍ତୀ, ବିଶିଷ୍ଟ ସ୍ୱାସ୍ଥ୍ୟ ସେବିକା ଝରଣା ଦାସ, କ୍ଷେତ୍ରୀୟ ସ୍ୱାସ୍ଥ୍ୟ ସଙ୍ଗଠକ ପିରୋଦ କୁମାର ବେହେରା ପ୍ରମୁଖ ବରିଷ୍ଠ ନାଗରିକ ଚକ୍ଷୁ ପରୀକ୍ଷା କରି ସେମାନଙ୍କ ମଧ୍ୟରୁ ୧୨ ଜଣଙ୍କ ମୋତିଆ ବିନ୍ଦୁ ଚିହ୍ନଟ କରିଥିଲେ ।

CMYK
